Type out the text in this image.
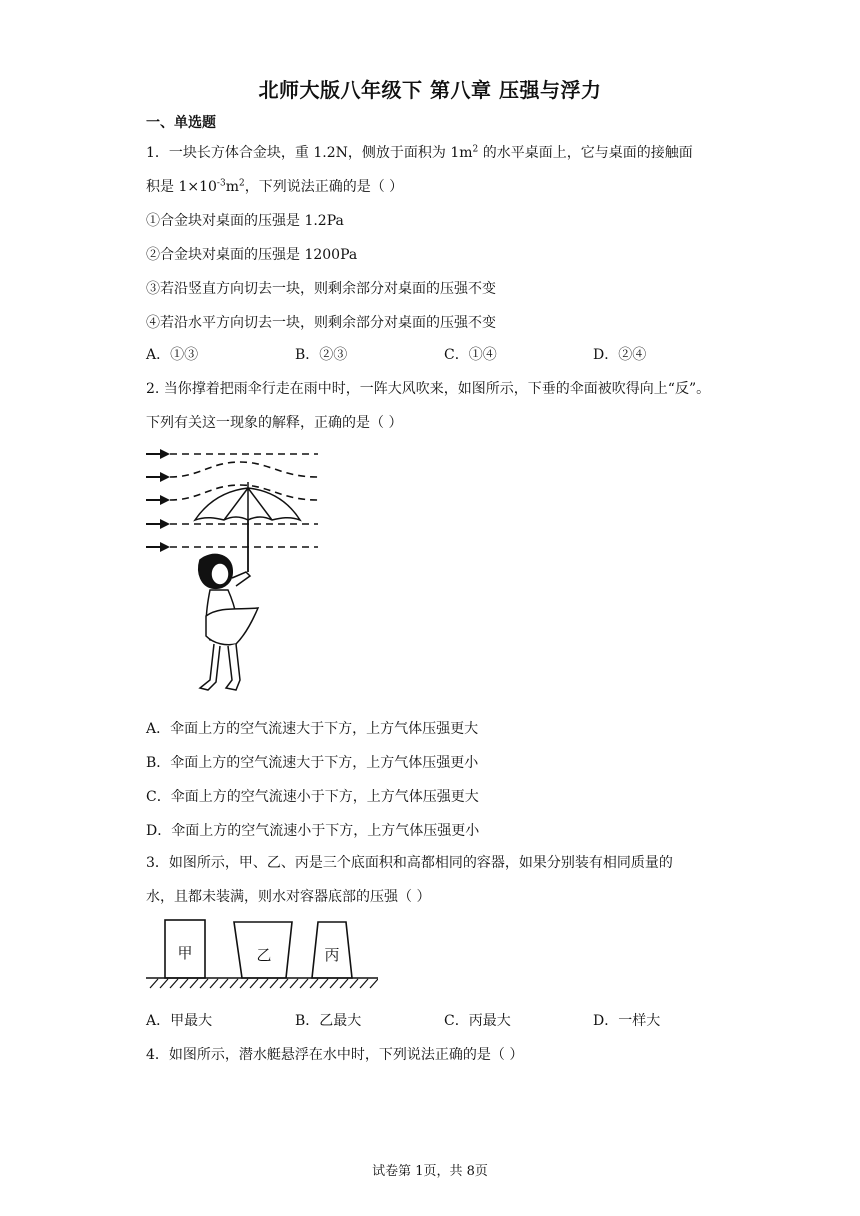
北师大版八年级下 第八章 压强与浮力
一、单选题
1．一块长方体合金块，重 1.2N，侧放于面积为 $1m^2$ 的水平桌面上，它与桌面的接触面
积是 $1\times 10^{-3}m^2$，下列说法正确的是（ ）
①合金块对桌面的压强是 1.2Pa
②合金块对桌面的压强是 1200Pa
③若沿竖直方向切去一块，则剩余部分对桌面的压强不变
④若沿水平方向切去一块，则剩余部分对桌面的压强不变
A．①③	B．②③	C．①④	D．②④
2. 当你撑着把雨伞行走在雨中时，一阵大风吹来，如图所示，下垂的伞面被吹得向上“反”。
下列有关这一现象的解释，正确的是（ ）
A．伞面上方的空气流速大于下方，上方气体压强更大
B．伞面上方的空气流速大于下方，上方气体压强更小
C．伞面上方的空气流速小于下方，上方气体压强更大
D．伞面上方的空气流速小于下方，上方气体压强更小
3．如图所示，甲、乙、丙是三个底面积和高都相同的容器，如果分别装有相同质量的
水，且都未装满，则水对容器底部的压强（ ）
甲	乙	丙
A．甲最大	B．乙最大	C．丙最大	D．一样大
4．如图所示，潜水艇悬浮在水中时，下列说法正确的是（ ）
试卷第 1页，共 8页
